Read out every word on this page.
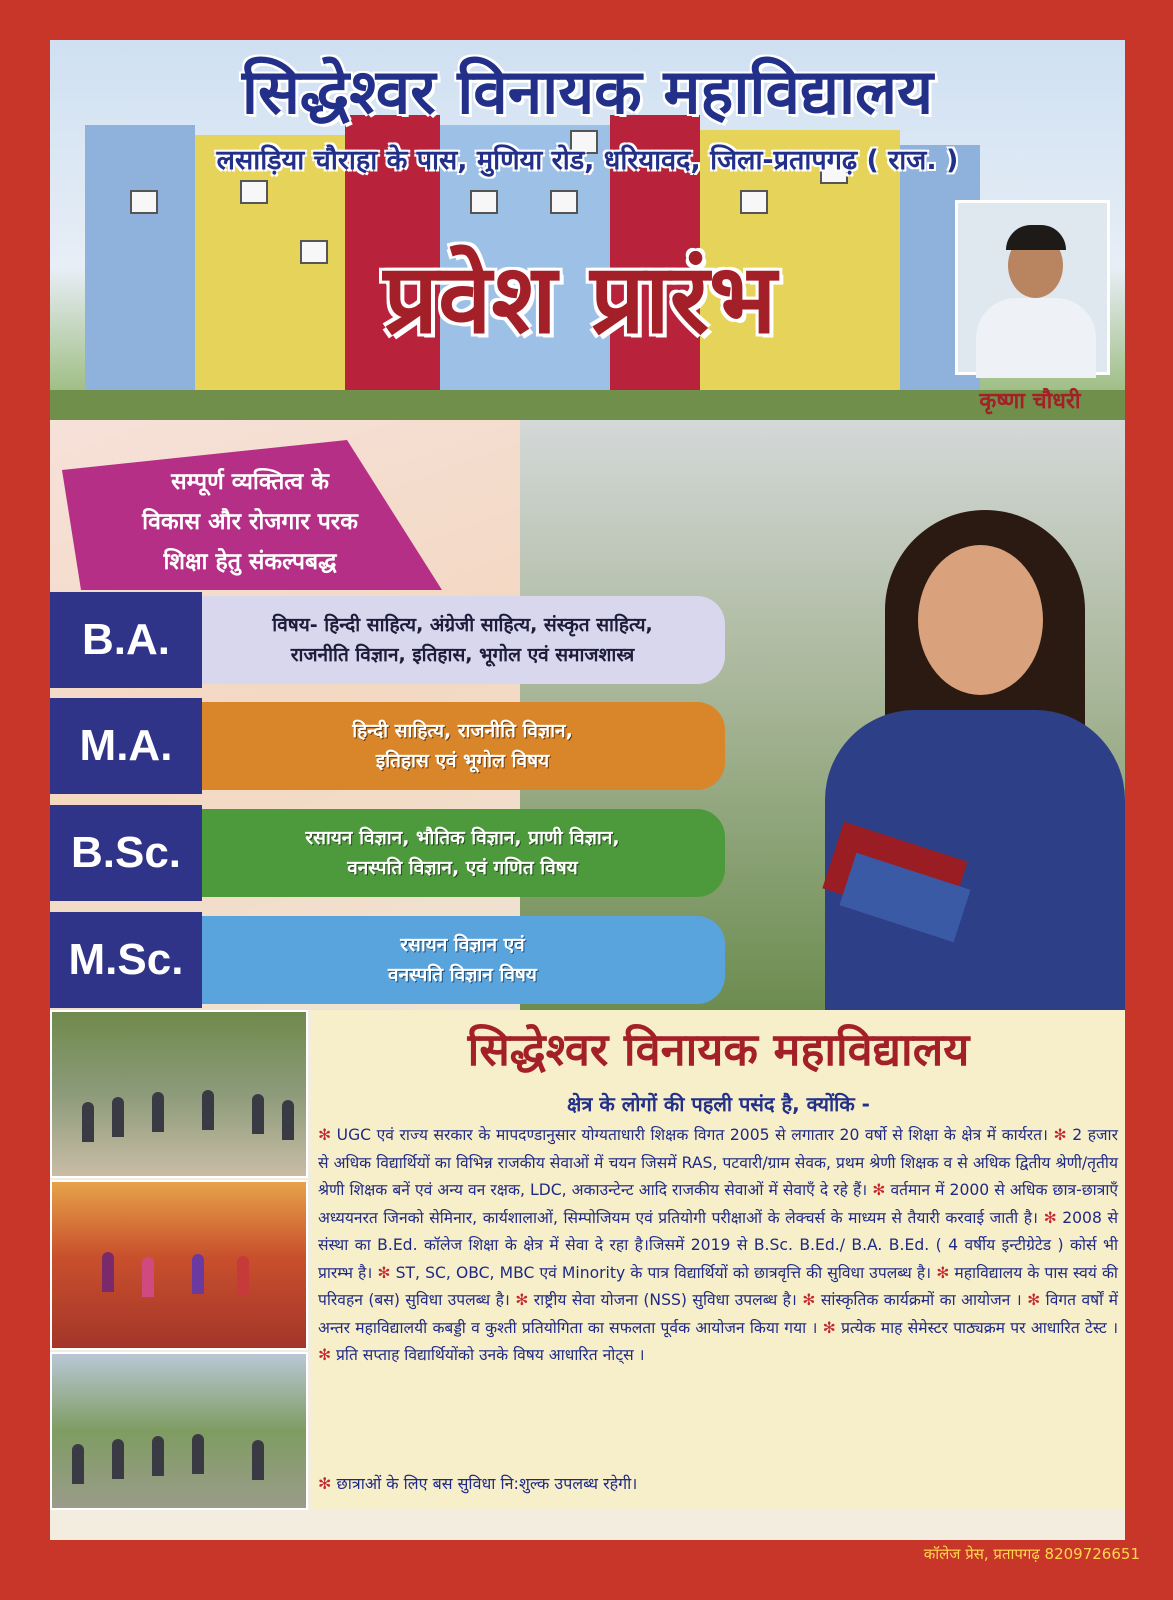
सिद्धेश्वर विनायक महाविद्यालय
लसाड़िया चौराहा के पास, मुणिया रोड, धरियावद, जिला-प्रतापगढ़ ( राज. )
प्रवेश प्रारंभ
कृष्णा चौधरी
सम्पूर्ण व्यक्तित्व के
विकास और रोजगार परक
शिक्षा हेतु संकल्पबद्ध
विषय- हिन्दी साहित्य, अंग्रेजी साहित्य, संस्कृत साहित्य,
राजनीति विज्ञान, इतिहास, भूगोल एवं समाजशास्त्र
B.A.
हिन्दी साहित्य, राजनीति विज्ञान,
इतिहास एवं भूगोल विषय
M.A.
रसायन विज्ञान, भौतिक विज्ञान, प्राणी विज्ञान,
वनस्पति विज्ञान, एवं गणित विषय
B.Sc.
रसायन विज्ञान एवं
वनस्पति विज्ञान विषय
M.Sc.
सिद्धेश्वर विनायक महाविद्यालय
क्षेत्र के लोगों की पहली पसंद है, क्योंकि -
✻ UGC एवं राज्य सरकार के मापदण्डानुसार योग्यताधारी शिक्षक विगत 2005 से लगातार 20 वर्षो से शिक्षा के क्षेत्र में कार्यरत। ✻ 2 हजार से अधिक विद्यार्थियों का विभिन्न राजकीय सेवाओं में चयन जिसमें RAS, पटवारी/ग्राम सेवक, प्रथम श्रेणी शिक्षक व से अधिक द्वितीय श्रेणी/तृतीय श्रेणी शिक्षक बनें एवं अन्य वन रक्षक, LDC, अकाउन्टेन्ट आदि राजकीय सेवाओं में सेवाएँ दे रहे हैं। ✻ वर्तमान में 2000 से अधिक छात्र-छात्राएँ अध्ययनरत जिनको सेमिनार, कार्यशालाओं, सिम्पोजियम एवं प्रतियोगी परीक्षाओं के लेक्चर्स के माध्यम से तैयारी करवाई जाती है। ✻ 2008 से संस्था का B.Ed. कॉलेज शिक्षा के क्षेत्र में सेवा दे रहा है।जिसमें 2019 से B.Sc. B.Ed./ B.A. B.Ed. ( 4 वर्षीय इन्टीग्रेटेड ) कोर्स भी प्रारम्भ है। ✻ ST, SC, OBC, MBC एवं Minority के पात्र विद्यार्थियों को छात्रवृत्ति की सुविधा उपलब्ध है। ✻ महाविद्यालय के पास स्वयं की परिवहन (बस) सुविधा उपलब्ध है। ✻ राष्ट्रीय सेवा योजना (NSS) सुविधा उपलब्ध है। ✻ सांस्कृतिक कार्यक्रमों का आयोजन । ✻ विगत वर्षों में अन्तर महाविद्यालयी कबड्डी व कुश्ती प्रतियोगिता का सफलता पूर्वक आयोजन किया गया । ✻ प्रत्येक माह सेमेस्टर पाठ्यक्रम पर आधारित टेस्ट । ✻ प्रति सप्ताह विद्यार्थियोंको उनके विषय आधारित नोट्स ।
✻ छात्राओं के लिए बस सुविधा नि:शुल्क उपलब्ध रहेगी।
कॉलेज प्रेस, प्रतापगढ़ 8209726651
